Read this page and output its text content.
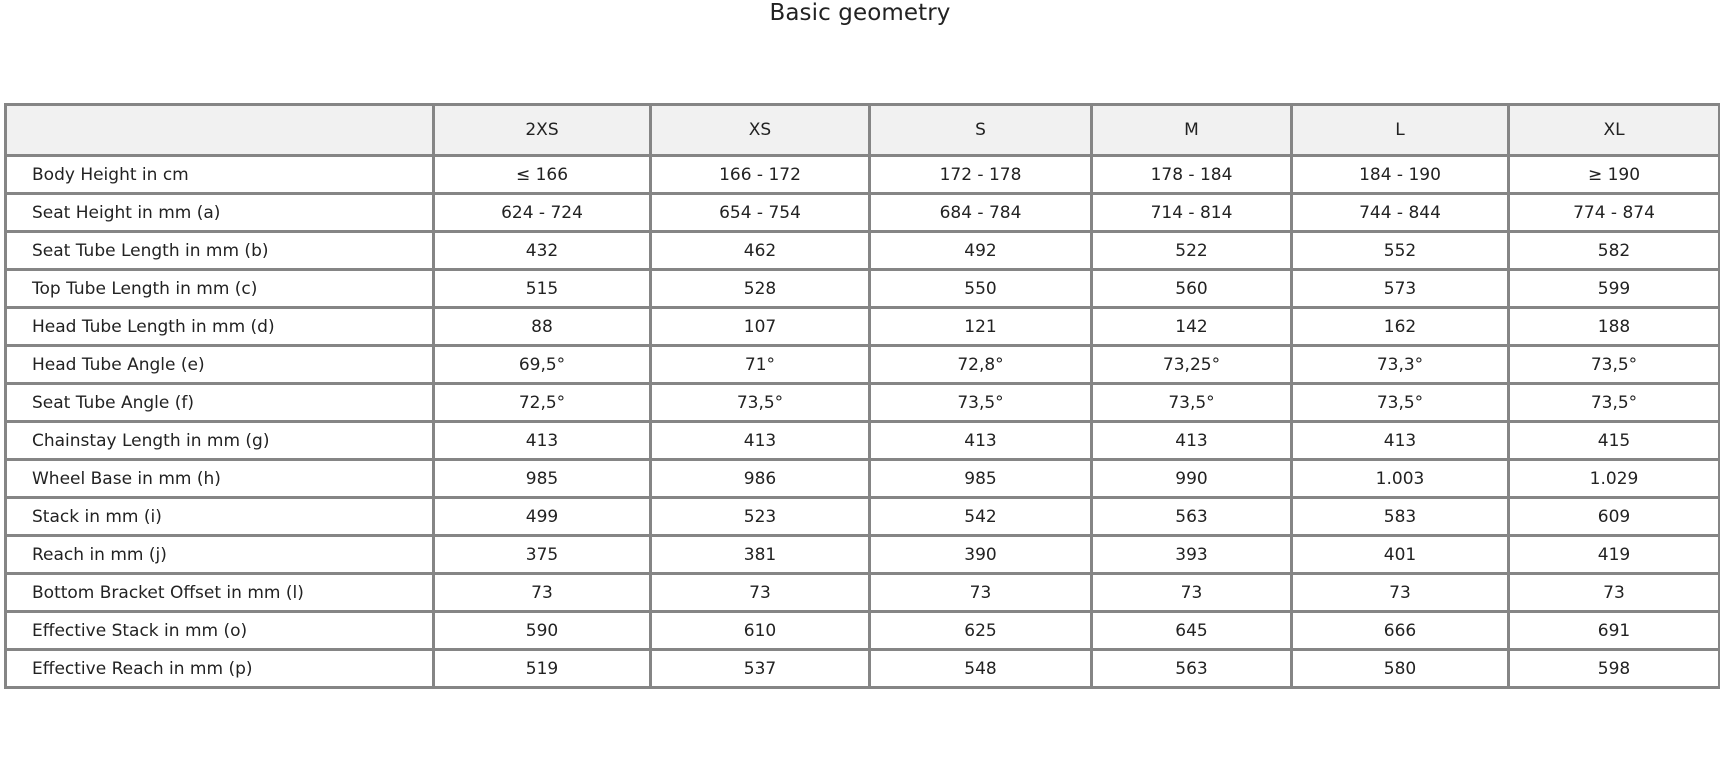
Basic geometry
	2XS	XS	S	M	L	XL
Body Height in cm	≤ 166	166 - 172	172 - 178	178 - 184	184 - 190	≥ 190
Seat Height in mm (a)	624 - 724	654 - 754	684 - 784	714 - 814	744 - 844	774 - 874
Seat Tube Length in mm (b)	432	462	492	522	552	582
Top Tube Length in mm (c)	515	528	550	560	573	599
Head Tube Length in mm (d)	88	107	121	142	162	188
Head Tube Angle (e)	69,5°	71°	72,8°	73,25°	73,3°	73,5°
Seat Tube Angle (f)	72,5°	73,5°	73,5°	73,5°	73,5°	73,5°
Chainstay Length in mm (g)	413	413	413	413	413	415
Wheel Base in mm (h)	985	986	985	990	1.003	1.029
Stack in mm (i)	499	523	542	563	583	609
Reach in mm (j)	375	381	390	393	401	419
Bottom Bracket Offset in mm (l)	73	73	73	73	73	73
Effective Stack in mm (o)	590	610	625	645	666	691
Effective Reach in mm (p)	519	537	548	563	580	598
